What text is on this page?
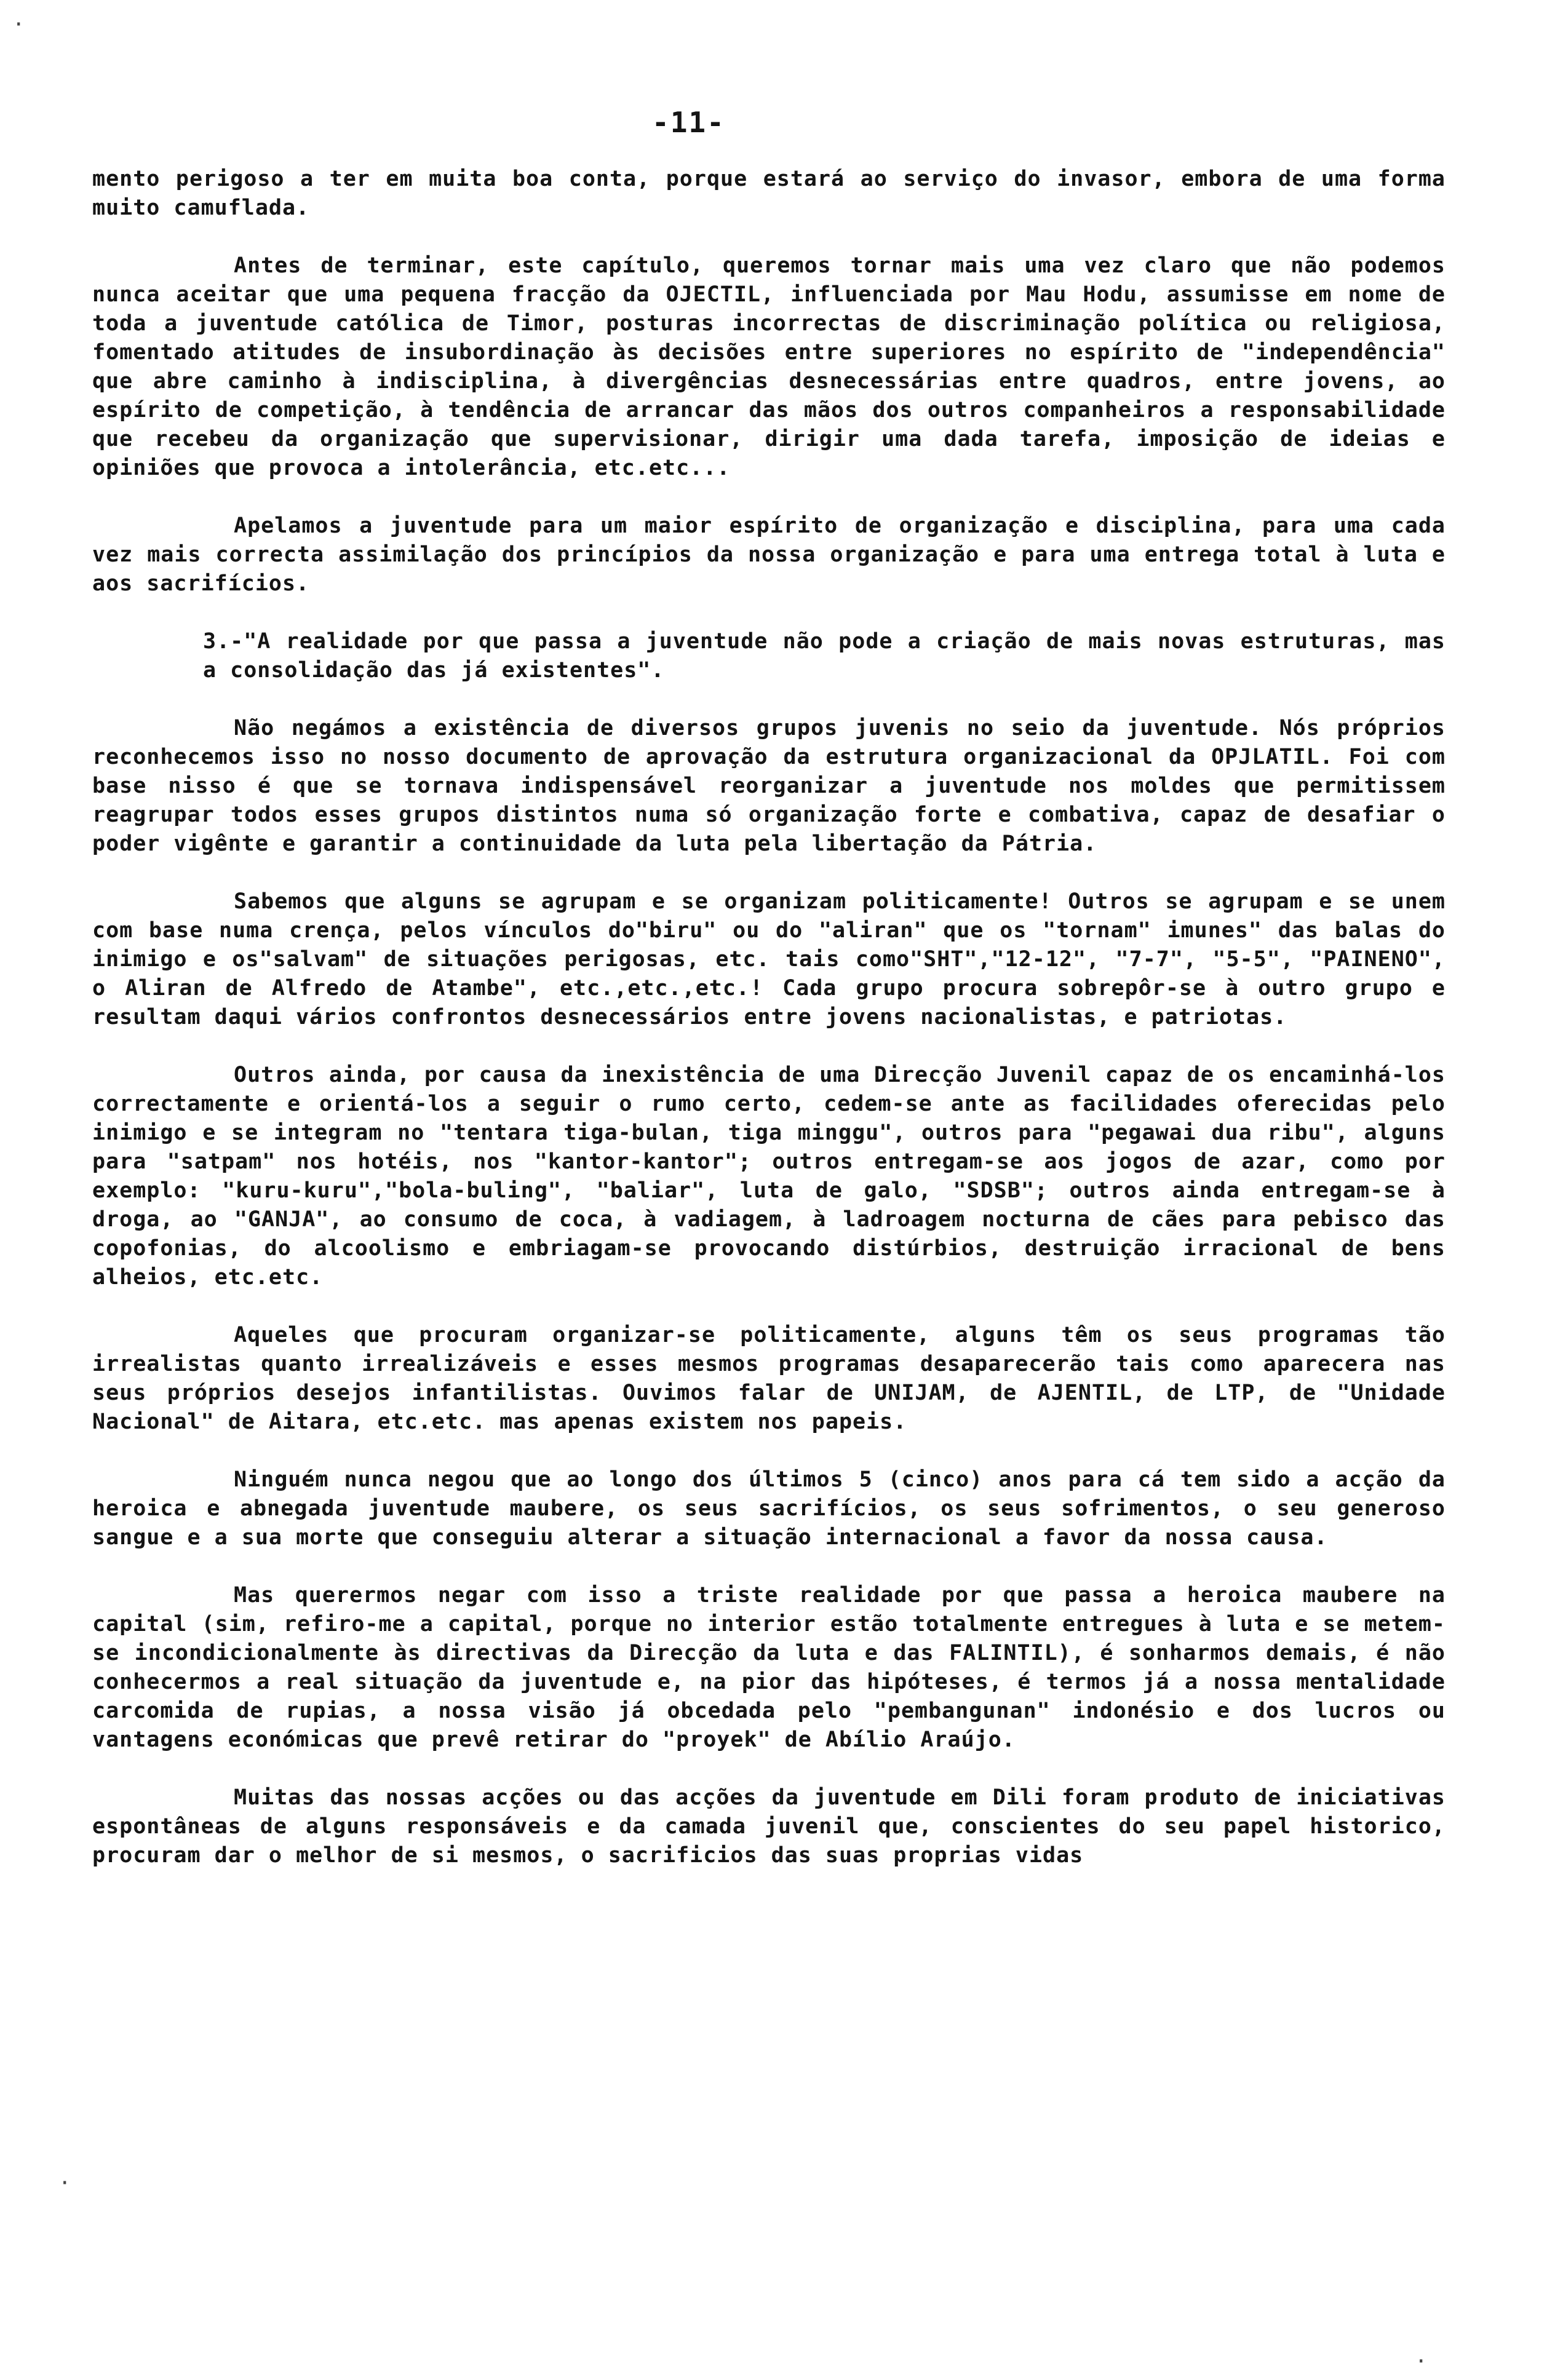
-11-

mento perigoso a ter em muita boa conta, porque estará ao serviço do invasor, embora de uma forma muito camuflada.

Antes de terminar, este capítulo, queremos tornar mais uma vez claro que não podemos nunca aceitar que uma pequena fracção da OJECTIL, influenciada por Mau Hodu, assumisse em nome de toda a juventude católica de Timor, posturas incorrectas de discriminação política ou religiosa, fomentado atitudes de insubordinação às decisões entre superiores no espírito de "independência" que abre caminho à indisciplina, à divergências desnecessárias entre quadros, entre jovens, ao espírito de competição, à tendência de arrancar das mãos dos outros companheiros a responsabilidade que recebeu da organização que supervisionar, dirigir uma dada tarefa, imposição de ideias e opiniões que provoca a intolerância, etc.etc...

Apelamos a juventude para um maior espírito de organização e disciplina, para uma cada vez mais correcta assimilação dos princípios da nossa organização e para uma entrega total à luta e aos sacrifícios.

3.-"A realidade por que passa a juventude não pode a criação de mais novas estruturas, mas a consolidação das já existentes".

Não negámos a existência de diversos grupos juvenis no seio da juventude. Nós próprios reconhecemos isso no nosso documento de aprovação da estrutura organizacional da OPJLATIL. Foi com base nisso é que se tornava indispensável reorganizar a juventude nos moldes que permitissem reagrupar todos esses grupos distintos numa só organização forte e combativa, capaz de desafiar o poder vigênte e garantir a continuidade da luta pela libertação da Pátria.

Sabemos que alguns se agrupam e se organizam politicamente! Outros se agrupam e se unem com base numa crença, pelos vínculos do"biru" ou do "aliran" que os "tornam" imunes" das balas do inimigo e os"salvam" de situações perigosas, etc. tais como"SHT","12-12", "7-7", "5-5", "PAINENO", o Aliran de Alfredo de Atambe", etc.,etc.,etc.! Cada grupo procura sobrepôr-se à outro grupo e resultam daqui vários confrontos desnecessários entre jovens nacionalistas, e patriotas.

Outros ainda, por causa da inexistência de uma Direcção Juvenil capaz de os encaminhá-los correctamente e orientá-los a seguir o rumo certo, cedem-se ante as facilidades oferecidas pelo inimigo e se integram no "tentara tiga-bulan, tiga minggu", outros para "pegawai dua ribu", alguns para "satpam" nos hotéis, nos "kantor-kantor"; outros entregam-se aos jogos de azar, como por exemplo: "kuru-kuru","bola-buling", "baliar", luta de galo, "SDSB"; outros ainda entregam-se à droga, ao "GANJA", ao consumo de coca, à vadiagem, à ladroagem nocturna de cães para pebisco das copofonias, do alcoolismo e embriagam-se provocando distúrbios, destruição irracional de bens alheios, etc.etc.

Aqueles que procuram organizar-se politicamente, alguns têm os seus programas tão irrealistas quanto irrealizáveis e esses mesmos programas desaparecerão tais como aparecera nas seus próprios desejos infantilistas. Ouvimos falar de UNIJAM, de AJENTIL, de LTP, de "Unidade Nacional" de Aitara, etc.etc. mas apenas existem nos papeis.

Ninguém nunca negou que ao longo dos últimos 5 (cinco) anos para cá tem sido a acção da heroica e abnegada juventude maubere, os seus sacrifícios, os seus sofrimentos, o seu generoso sangue e a sua morte que conseguiu alterar a situação internacional a favor da nossa causa.

Mas querermos negar com isso a triste realidade por que passa a heroica maubere na capital (sim, refiro-me a capital, porque no interior estão totalmente entregues à luta e se metem-se incondicionalmente às directivas da Direcção da luta e das FALINTIL), é sonharmos demais, é não conhecermos a real situação da juventude e, na pior das hipóteses, é termos já a nossa mentalidade carcomida de rupias, a nossa visão já obcedada pelo "pembangunan" indonésio e dos lucros ou vantagens económicas que prevê retirar do "proyek" de Abílio Araújo.

Muitas das nossas acções ou das acções da juventude em Dili foram produto de iniciativas espontâneas de alguns responsáveis e da camada juvenil que, conscientes do seu papel historico, procuram dar o melhor de si mesmos, o sacrificios das suas proprias vidas

·
·
·
